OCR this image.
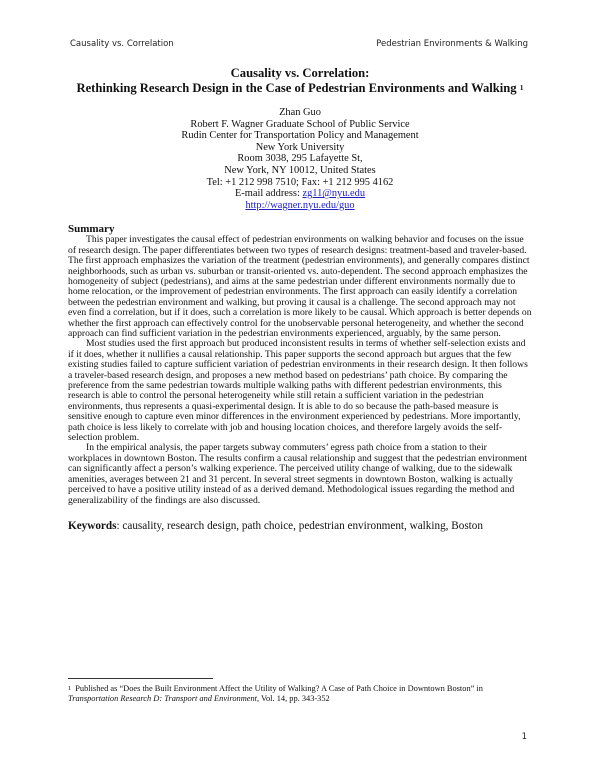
Causality vs. Correlation	Pedestrian Environments & Walking
Causality vs. Correlation:
Rethinking Research Design in the Case of Pedestrian Environments and Walking $^1$
Zhan Guo
Robert F. Wagner Graduate School of Public Service
Rudin Center for Transportation Policy and Management
New York University
Room 3038, 295 Lafayette St,
New York, NY 10012, United States
Tel: +1 212 998 7510; Fax: +1 212 995 4162
E-mail address: zg11@nyu.edu
http://wagner.nyu.edu/guo
Summary

This paper investigates the causal effect of pedestrian environments on walking behavior and focuses on the issue of research design. The paper differentiates between two types of research designs: treatment-based and traveler-based. The first approach emphasizes the variation of the treatment (pedestrian environments), and generally compares distinct neighborhoods, such as urban vs. suburban or transit-oriented vs. auto-dependent. The second approach emphasizes the homogeneity of subject (pedestrians), and aims at the same pedestrian under different environments normally due to home relocation, or the improvement of pedestrian environments. The first approach can easily identify a correlation between the pedestrian environment and walking, but proving it causal is a challenge. The second approach may not even find a correlation, but if it does, such a correlation is more likely to be causal. Which approach is better depends on whether the first approach can effectively control for the unobservable personal heterogeneity, and whether the second approach can find sufficient variation in the pedestrian environments experienced, arguably, by the same person.

Most studies used the first approach but produced inconsistent results in terms of whether self-selection exists and if it does, whether it nullifies a causal relationship. This paper supports the second approach but argues that the few existing studies failed to capture sufficient variation of pedestrian environments in their research design. It then follows a traveler-based research design, and proposes a new method based on pedestrians’ path choice. By comparing the preference from the same pedestrian towards multiple walking paths with different pedestrian environments, this research is able to control the personal heterogeneity while still retain a sufficient variation in the pedestrian environments, thus represents a quasi-experimental design. It is able to do so because the path-based measure is sensitive enough to capture even minor differences in the environment experienced by pedestrians. More importantly, path choice is less likely to correlate with job and housing location choices, and therefore largely avoids the self-selection problem.

In the empirical analysis, the paper targets subway commuters’ egress path choice from a station to their workplaces in downtown Boston. The results confirm a causal relationship and suggest that the pedestrian environment can significantly affect a person’s walking experience. The perceived utility change of walking, due to the sidewalk amenities, averages between 21 and 31 percent. In several street segments in downtown Boston, walking is actually perceived to have a positive utility instead of as a derived demand. Methodological issues regarding the method and generalizability of the findings are also discussed.

Keywords: causality, research design, path choice, pedestrian environment, walking, Boston
$^1$ Published as “Does the Built Environment Affect the Utility of Walking? A Case of Path Choice in Downtown Boston” in Transportation Research D: Transport and Environment, Vol. 14, pp. 343-352
1
